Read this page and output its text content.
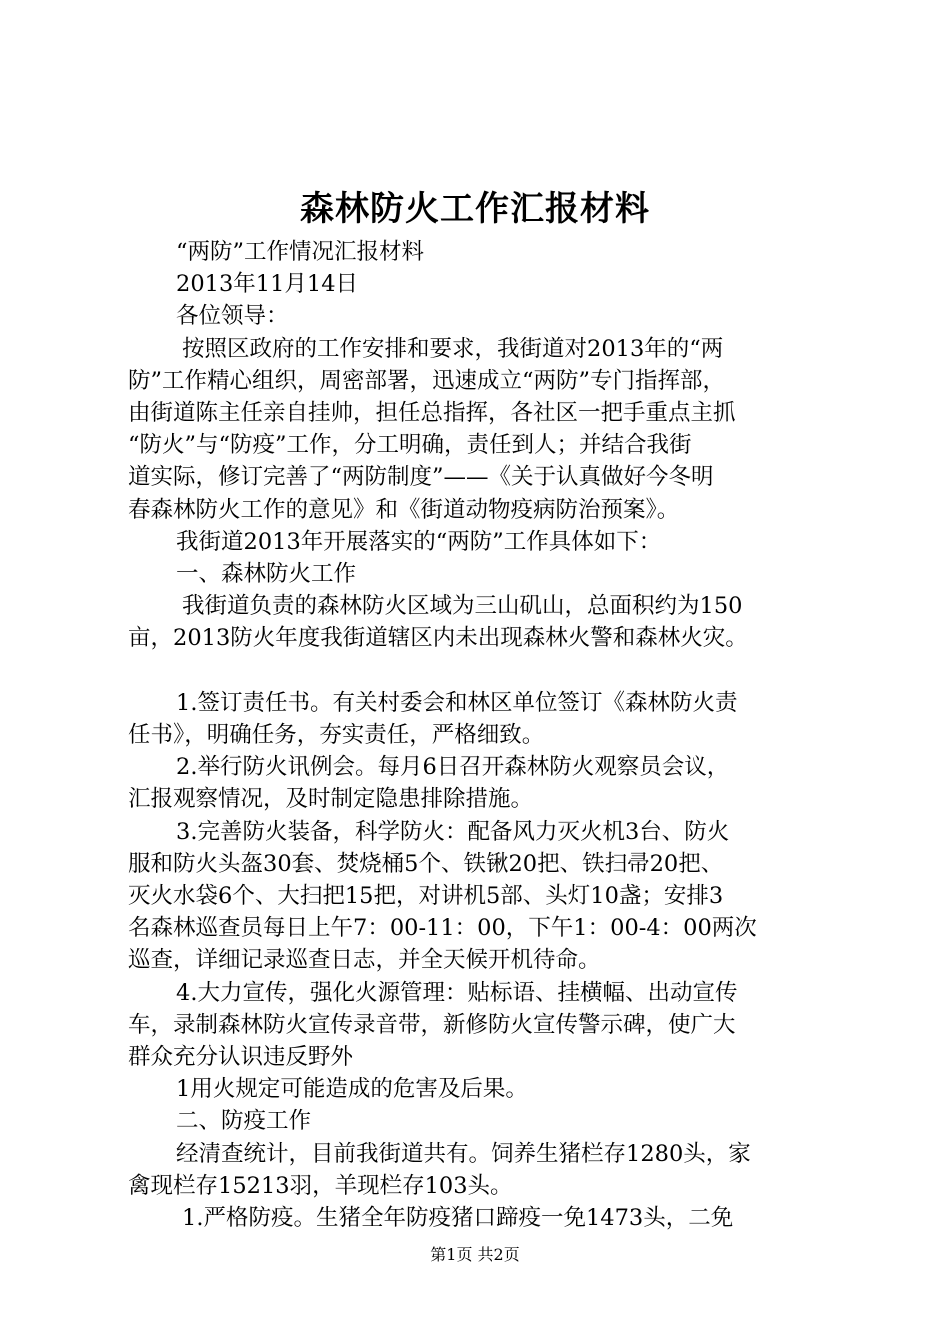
森林防火工作汇报材料

“两防”工作情况汇报材料

2013年11月14日

各位领导：

按照区政府的工作安排和要求，我街道对2013年的“两

防”工作精心组织，周密部署，迅速成立“两防”专门指挥部，

由街道陈主任亲自挂帅，担任总指挥，各社区一把手重点主抓

“防火”与“防疫”工作，分工明确，责任到人；并结合我街

道实际，修订完善了“两防制度”——《关于认真做好今冬明

春森林防火工作的意见》和《街道动物疫病防治预案》。

我街道2013年开展落实的“两防”工作具体如下：

一、森林防火工作

我街道负责的森林防火区域为三山矶山，总面积约为150

亩，2013防火年度我街道辖区内未出现森林火警和森林火灾。

1.签订责任书。有关村委会和林区单位签订《森林防火责

任书》，明确任务，夯实责任，严格细致。

2.举行防火讯例会。每月6日召开森林防火观察员会议，

汇报观察情况，及时制定隐患排除措施。

3.完善防火装备，科学防火：配备风力灭火机3台、防火

服和防火头盔30套、焚烧桶5个、铁锹20把、铁扫帚20把、

灭火水袋6个、大扫把15把，对讲机5部、头灯10盏；安排3

名森林巡查员每日上午7：00-11：00，下午1：00-4：00两次

巡查，详细记录巡查日志，并全天候开机待命。

4.大力宣传，强化火源管理：贴标语、挂横幅、出动宣传

车，录制森林防火宣传录音带，新修防火宣传警示碑，使广大

群众充分认识违反野外

1用火规定可能造成的危害及后果。

二、防疫工作

经清查统计，目前我街道共有。饲养生猪栏存1280头，家

禽现栏存15213羽，羊现栏存103头。

1.严格防疫。生猪全年防疫猪口蹄疫一免1473头，二免

第1页 共2页
